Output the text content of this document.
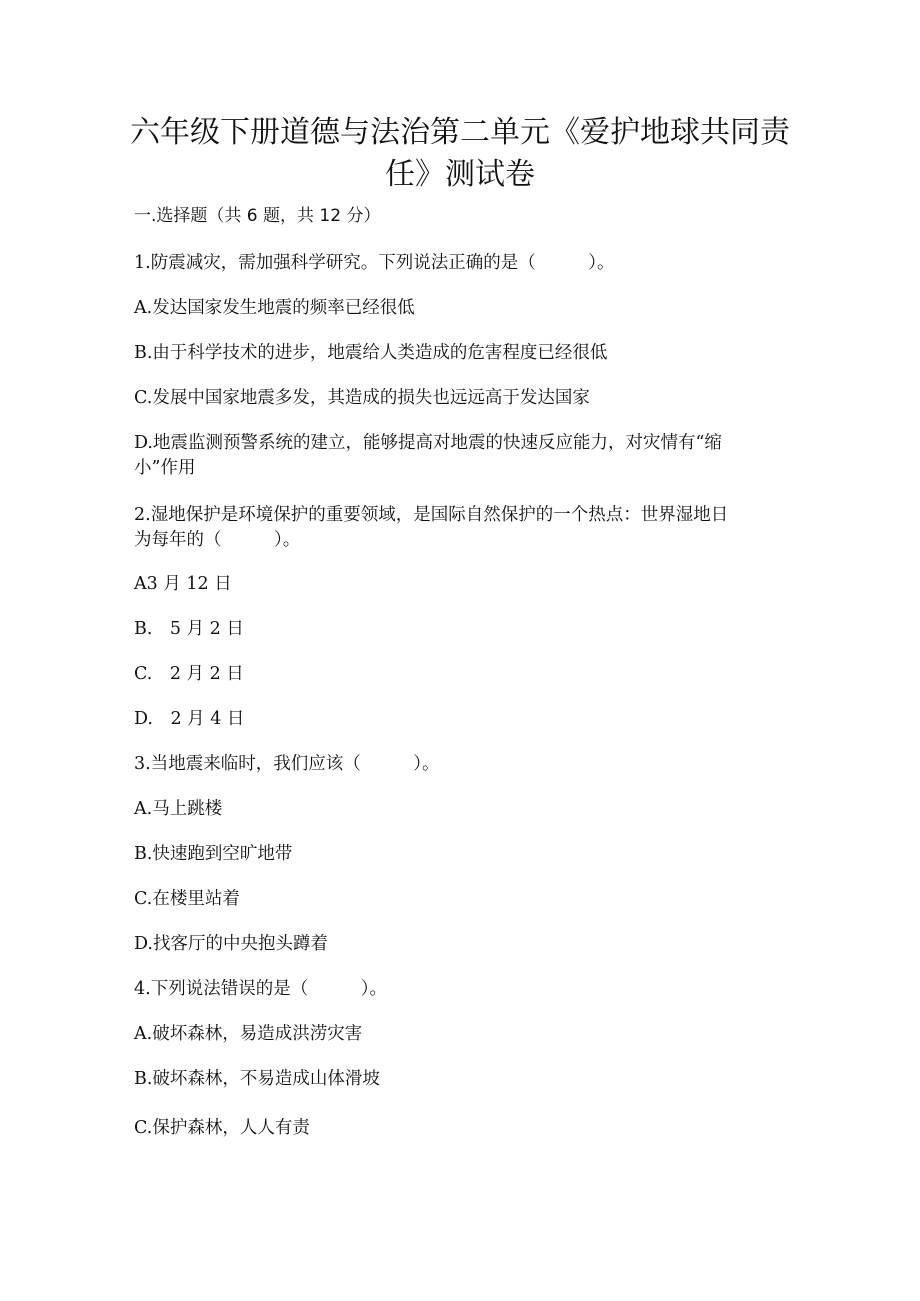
六年级下册道德与法治第二单元《爱护地球共同责
任》测试卷

一.选择题（共 6 题，共 12 分）

1.防震减灾，需加强科学研究。下列说法正确的是（　　　）。

A.发达国家发生地震的频率已经很低

B.由于科学技术的进步，地震给人类造成的危害程度已经很低

C.发展中国家地震多发，其造成的损失也远远高于发达国家

D.地震监测预警系统的建立，能够提高对地震的快速反应能力，对灾情有“缩

小”作用

2.湿地保护是环境保护的重要领域，是国际自然保护的一个热点：世界湿地日

为每年的（　　　）。

A3 月 12 日

B.　5 月 2 日

C.　2 月 2 日

D.　2 月 4 日

3.当地震来临时，我们应该（　　　）。

A.马上跳楼

B.快速跑到空旷地带

C.在楼里站着

D.找客厅的中央抱头蹲着

4.下列说法错误的是（　　　）。

A.破坏森林，易造成洪涝灾害

B.破坏森林，不易造成山体滑坡

C.保护森林，人人有责
